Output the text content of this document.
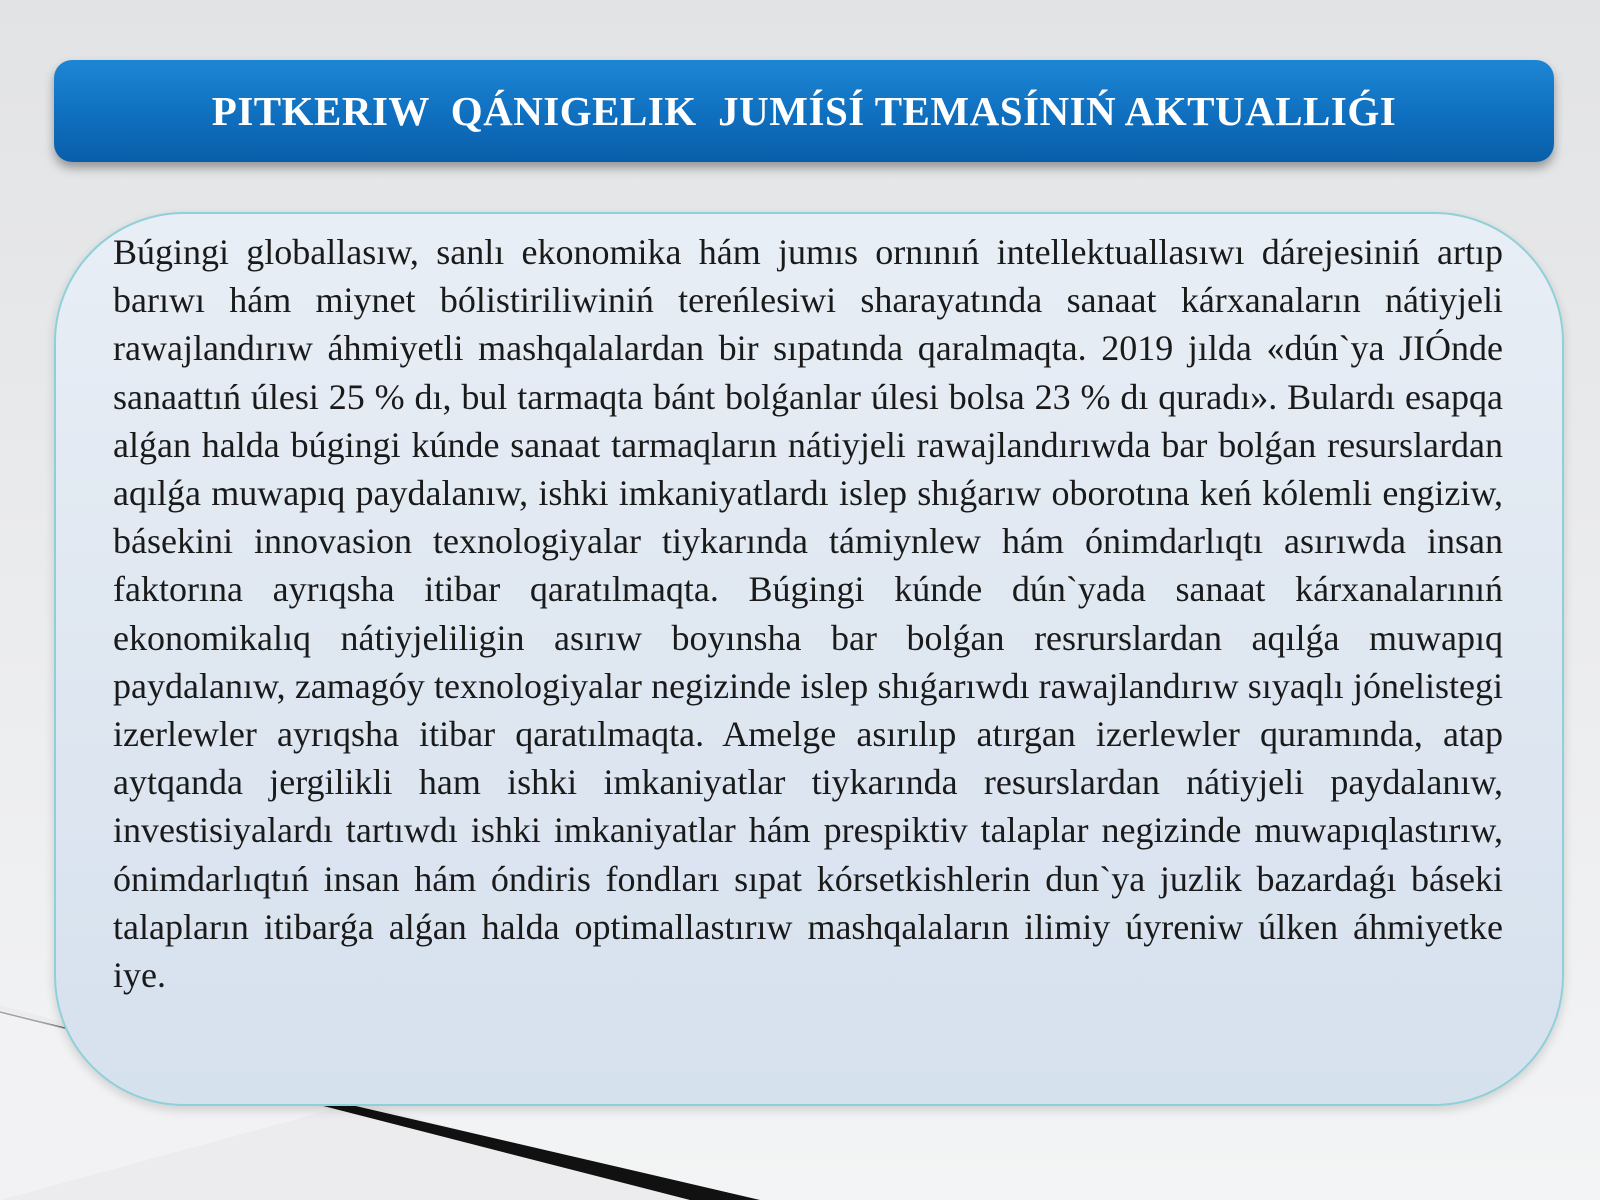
PITKERIW  QÁNIGELIK  JUMÍSÍ TEMASÍNIŃ AKTUALLIǴI

Búgingi globallasıw, sanlı ekonomika hám jumıs ornınıń intellektuallasıwı dárejesiniń artıp barıwı hám miynet bólistiriliwiniń tereńlesiwi sharayatında sanaat kárxanaların nátiyjeli rawajlandırıw áhmiyetli mashqalalardan bir sıpatında qaralmaqta. 2019 jılda «dún`ya JIÓnde sanaattıń úlesi 25 % dı, bul tarmaqta bánt bolǵanlar úlesi bolsa 23 % dı quradı». Bulardı esapqa alǵan halda búgingi kúnde sanaat tarmaqların nátiyjeli rawajlandırıwda bar bolǵan resurslardan aqılǵa muwapıq paydalanıw, ishki imkaniyatlardı islep shıǵarıw oborotına keń kólemli engiziw, básekini innovasion texnologiyalar tiykarında támiynlew hám ónimdarlıqtı asırıwda insan faktorına ayrıqsha itibar qaratılmaqta. Búgingi kúnde dún`yada sanaat kárxanalarınıń ekonomikalıq nátiyjeliligin asırıw boyınsha bar bolǵan resrurslardan aqılǵa muwapıq paydalanıw, zamagóy texnologiyalar negizinde islep shıǵarıwdı rawajlandırıw sıyaqlı jónelistegi izerlewler ayrıqsha itibar qaratılmaqta. Amelge asırılıp atırgan izerlewler quramında, atap aytqanda jergilikli ham ishki imkaniyatlar tiykarında resurslardan nátiyjeli paydalanıw, investisiyalardı tartıwdı ishki imkaniyatlar hám prespiktiv talaplar negizinde muwapıqlastırıw, ónimdarlıqtıń insan hám óndiris fondları sıpat kórsetkishlerin dun`ya juzlik bazardaǵı báseki talapların itibarǵa alǵan halda optimallastırıw mashqalaların ilimiy úyreniw úlken áhmiyetke iye.
